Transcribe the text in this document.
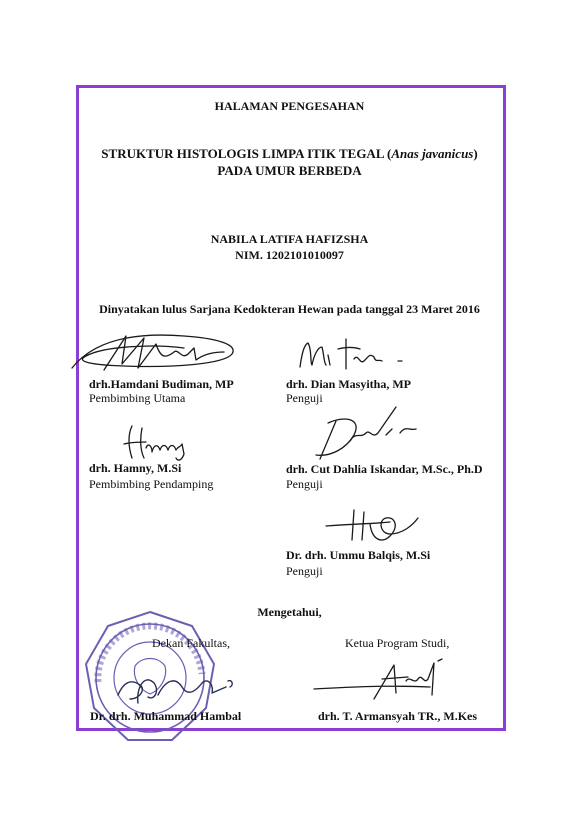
HALAMAN PENGESAHAN
STRUKTUR HISTOLOGIS LIMPA ITIK TEGAL (Anas javanicus)
PADA UMUR BERBEDA
NABILA LATIFA HAFIZSHA
NIM. 1202101010097
Dinyatakan lulus Sarjana Kedokteran Hewan pada tanggal 23 Maret 2016
drh.Hamdani Budiman, MP
Pembimbing Utama
drh. Dian Masyitha, MP
Penguji
drh. Hamny, M.Si
Pembimbing Pendamping
drh. Cut Dahlia Iskandar, M.Sc., Ph.D
Penguji
Dr. drh. Ummu Balqis, M.Si
Penguji
Mengetahui,
Dekan Fakultas,	Ketua Program Studi,
Dr. drh. Muhammad Hambal	drh. T. Armansyah TR., M.Kes
